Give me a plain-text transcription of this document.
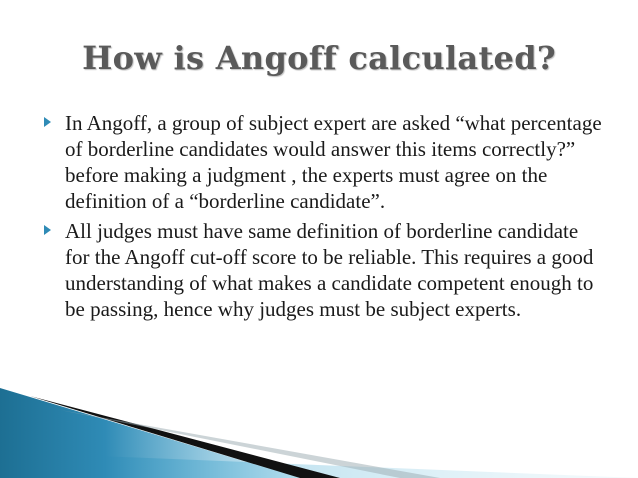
How is Angoff calculated?
In Angoff, a group of subject expert are asked “what percentage of borderline candidates would answer this items correctly?” before making a judgment , the experts must agree on the definition of a “borderline candidate”.
All judges must have same definition of borderline candidate for the Angoff cut-off score to be reliable. This requires a good understanding of what makes a candidate competent enough to be passing, hence why judges must be subject experts.
